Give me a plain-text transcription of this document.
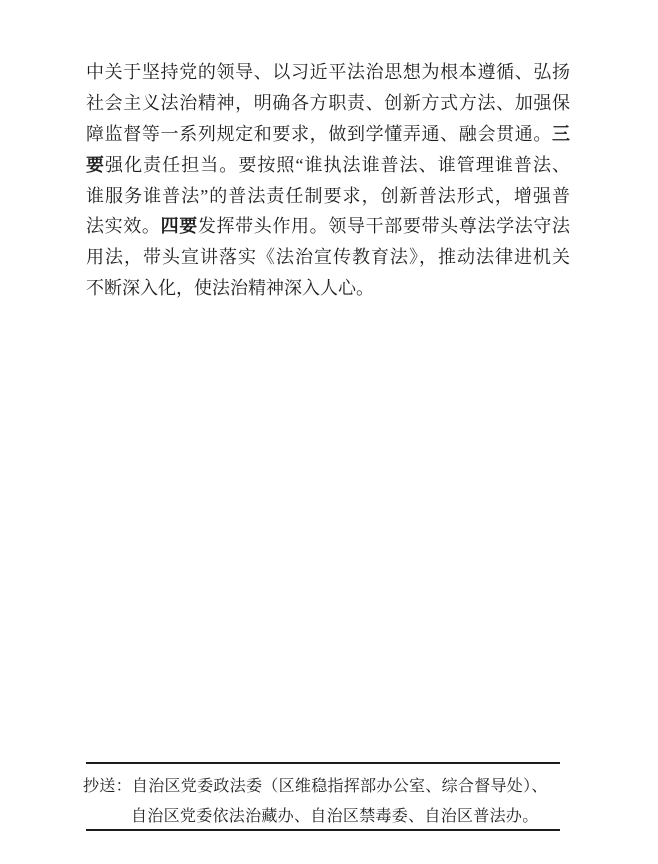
中关于坚持党的领导、以习近平法治思想为根本遵循、弘扬
社会主义法治精神，明确各方职责、创新方式方法、加强保
障监督等一系列规定和要求，做到学懂弄通、融会贯通。三
要强化责任担当。要按照“谁执法谁普法、谁管理谁普法、
谁服务谁普法”的普法责任制要求，创新普法形式，增强普
法实效。四要发挥带头作用。领导干部要带头尊法学法守法
用法，带头宣讲落实《法治宣传教育法》，推动法律进机关
不断深入化，使法治精神深入人心。
抄送：自治区党委政法委（区维稳指挥部办公室、综合督导处）、
自治区党委依法治藏办、自治区禁毒委、自治区普法办。
